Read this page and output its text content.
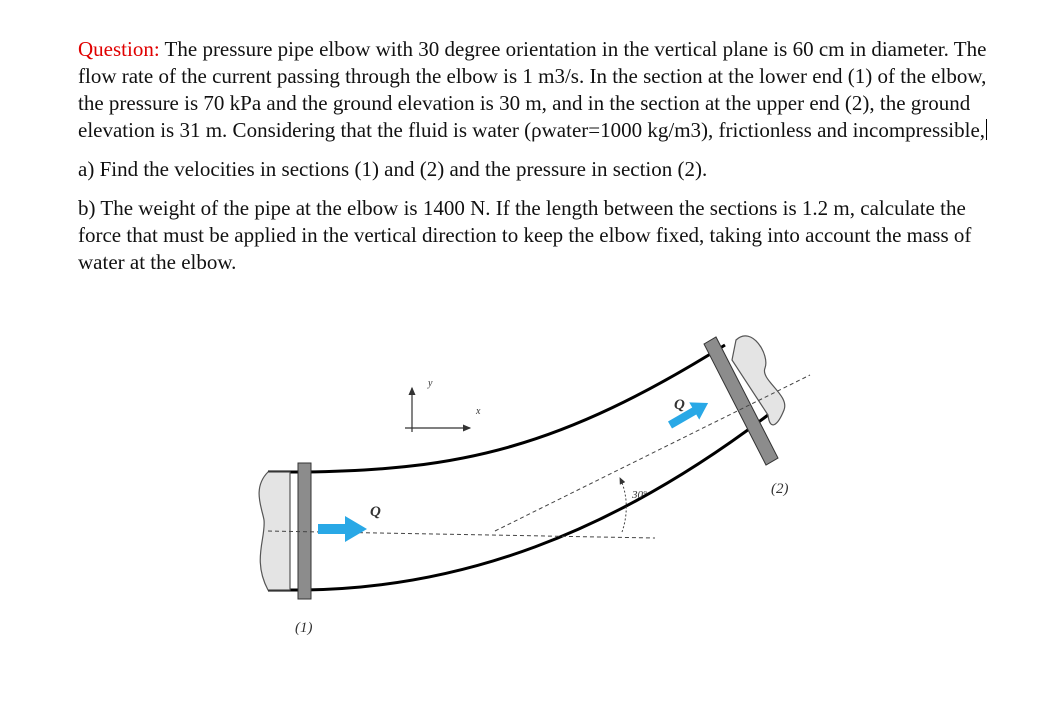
Question: The pressure pipe elbow with 30 degree orientation in the vertical plane is 60 cm in diameter. The flow rate of the current passing through the elbow is 1 m3/s. In the section at the lower end (1) of the elbow, the pressure is 70 kPa and the ground elevation is 30 m, and in the section at the upper end (2), the ground elevation is 31 m. Considering that the fluid is water (ρwater=1000 kg/m3), frictionless and incompressible,

a) Find the velocities in sections (1) and (2) and the pressure in section (2).

b) The weight of the pipe at the elbow is 1400 N. If the length between the sections is 1.2 m, calculate the force that must be applied in the vertical direction to keep the elbow fixed, taking into account the mass of water at the elbow.

30º
y
x
Q
Q
(1)
(2)
